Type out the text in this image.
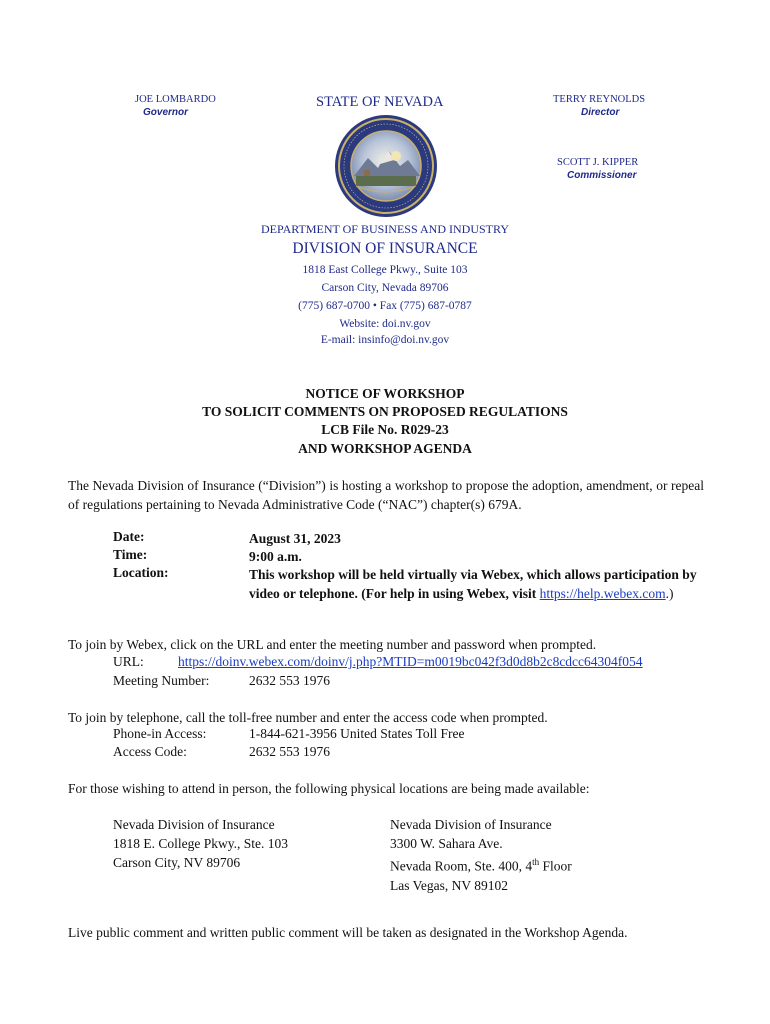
JOE LOMBARDO
Governor
STATE OF NEVADA	TERRY REYNOLDS
Director
SCOTT J. KIPPER
Commissioner
DEPARTMENT OF BUSINESS AND INDUSTRY
DIVISION OF INSURANCE
1818 East College Pkwy., Suite 103
Carson City, Nevada 89706
(775) 687-0700 • Fax (775) 687-0787
Website: doi.nv.gov
E-mail: insinfo@doi.nv.gov
NOTICE OF WORKSHOP
TO SOLICIT COMMENTS ON PROPOSED REGULATIONS
LCB File No. R029-23
AND WORKSHOP AGENDA
The Nevada Division of Insurance (“Division”) is hosting a workshop to propose the adoption, amendment, or repeal of regulations pertaining to Nevada Administrative Code (“NAC”) chapter(s) 679A.
Date:	August 31, 2023
Time:	9:00 a.m.
Location:	This workshop will be held virtually via Webex, which allows participation by video or telephone. (For help in using Webex, visit https://help.webex.com.)
To join by Webex, click on the URL and enter the meeting number and password when prompted.
URL:	https://doinv.webex.com/doinv/j.php?MTID=m0019bc042f3d0d8b2c8cdcc64304f054
Meeting Number:	2632 553 1976
To join by telephone, call the toll-free number and enter the access code when prompted.
Phone-in Access:	1-844-621-3956 United States Toll Free
Access Code:	2632 553 1976
For those wishing to attend in person, the following physical locations are being made available:
Nevada Division of Insurance
1818 E. College Pkwy., Ste. 103
Carson City, NV 89706
Nevada Division of Insurance
3300 W. Sahara Ave.
Nevada Room, Ste. 400, 4th Floor
Las Vegas, NV 89102
Live public comment and written public comment will be taken as designated in the Workshop Agenda.
